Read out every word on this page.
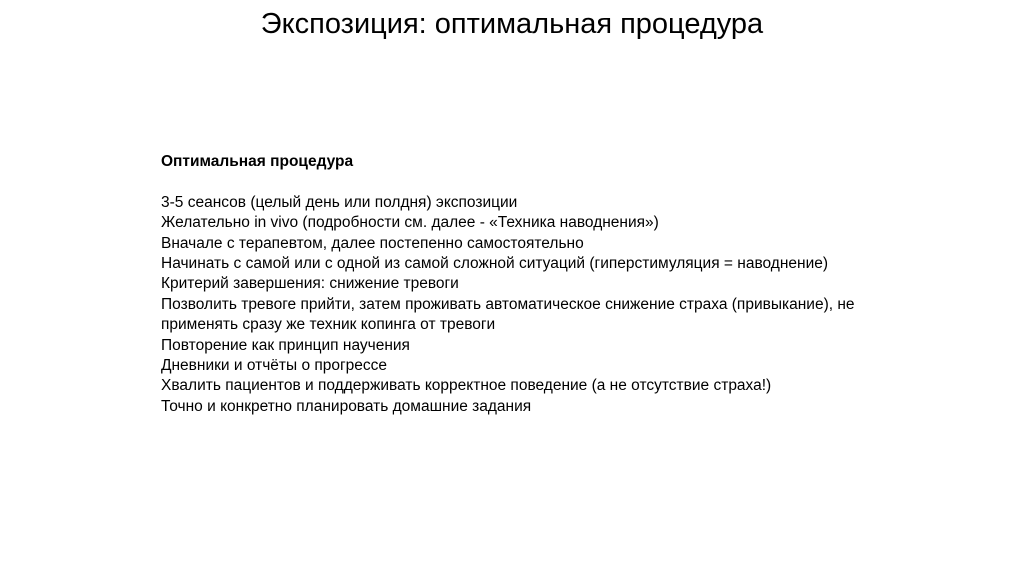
Экспозиция: оптимальная процедура

Оптимальная процедура

3-5 сеансов (целый день или полдня) экспозиции
Желательно in vivo (подробности см. далее - «Техника наводнения»)
Вначале с терапевтом, далее постепенно самостоятельно
Начинать с самой или с одной из самой сложной ситуаций (гиперстимуляция = наводнение)
Критерий завершения: снижение тревоги
Позволить тревоге прийти, затем проживать автоматическое снижение страха (привыкание), не применять сразу же техник копинга от тревоги
Повторение как принцип научения
Дневники и отчёты о прогрессе
Хвалить пациентов и поддерживать корректное поведение (а не отсутствие страха!)
Точно и конкретно планировать домашние задания
